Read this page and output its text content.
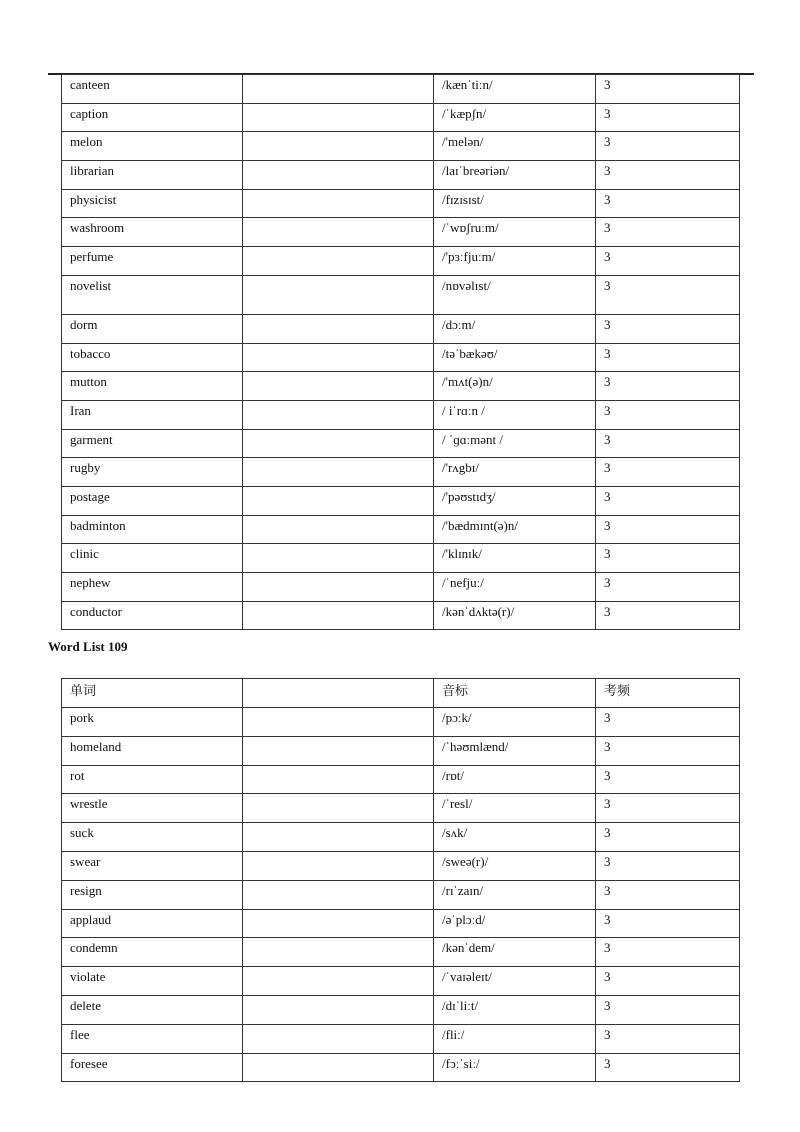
canteen		/kænˈtiːn/	3
caption		/ˈkæpʃn/	3
melon		/'melən/	3
librarian		/laɪˈbreəriən/	3
physicist		/fɪzɪsɪst/	3
washroom		/ˈwɒʃruːm/	3
perfume		/'pɜːfjuːm/	3
novelist		/nɒvəlɪst/	3
dorm		/dɔːm/	3
tobacco		/təˈbækəʊ/	3
mutton		/'mʌt(ə)n/	3
Iran		/ iˈrɑːn /	3
garment		/ ˈɡɑːmənt /	3
rugby		/'rʌgbɪ/	3
postage		/'pəʊstɪdʒ/	3
badminton		/'bædmɪnt(ə)n/	3
clinic		/'klɪnɪk/	3
nephew		/ˈnefjuː/	3
conductor		/kənˈdʌktə(r)/	3
Word List 109
单词		音标	考频
pork		/pɔːk/	3
homeland		/ˈhəʊmlænd/	3
rot		/rɒt/	3
wrestle		/ˈresl/	3
suck		/sʌk/	3
swear		/sweə(r)/	3
resign		/rɪˈzaɪn/	3
applaud		/əˈplɔːd/	3
condemn		/kənˈdem/	3
violate		/ˈvaɪəleɪt/	3
delete		/dɪˈliːt/	3
flee		/fliː/	3
foresee		/fɔːˈsiː/	3
